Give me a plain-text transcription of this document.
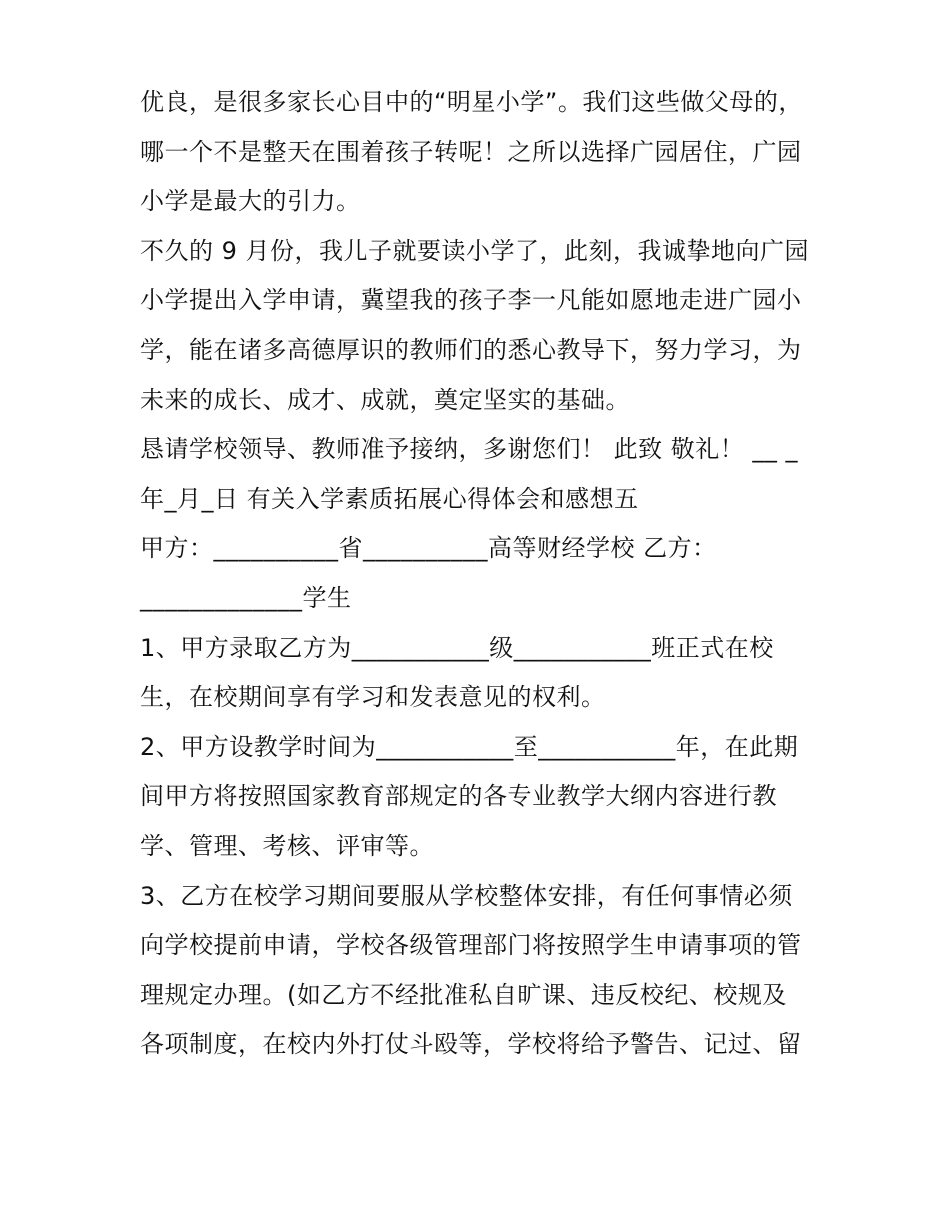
优良，是很多家长心目中的“明星小学”。我们这些做父母的，
哪一个不是整天在围着孩子转呢！之所以选择广园居住，广园
小学是最大的引力。
不久的 9 月份，我儿子就要读小学了，此刻，我诚挚地向广园
小学提出入学申请，冀望我的孩子李一凡能如愿地走进广园小
学，能在诸多高德厚识的教师们的悉心教导下，努力学习，为
未来的成长、成才、成就，奠定坚实的基础。
恳请学校领导、教师准予接纳，多谢您们！ 此致 敬礼！ __ _
年_月_日 有关入学素质拓展心得体会和感想五
甲方：__________省__________高等财经学校 乙方：
_____________学生
1、甲方录取乙方为___________级___________班正式在校
生，在校期间享有学习和发表意见的权利。
2、甲方设教学时间为___________至___________年，在此期
间甲方将按照国家教育部规定的各专业教学大纲内容进行教
学、管理、考核、评审等。
3、乙方在校学习期间要服从学校整体安排，有任何事情必须
向学校提前申请，学校各级管理部门将按照学生申请事项的管
理规定办理。(如乙方不经批准私自旷课、违反校纪、校规及
各项制度，在校内外打仗斗殴等，学校将给予警告、记过、留
